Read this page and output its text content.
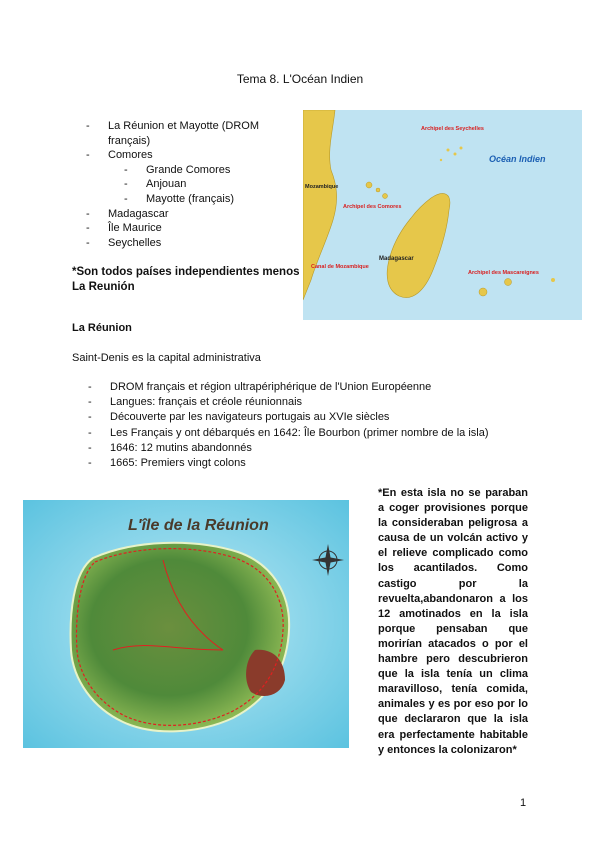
Tema 8. L'Océan Indien
- La Réunion et Mayotte (DROM français)
- Comores
- Grande Comores
- Anjouan
- Mayotte (français)
- Madagascar
- Île Maurice
- Seychelles
*Son todos países independientes menos La Reunión
Archipel des Seychelles
Océan Indien
Mozambique
Archipel des Comores
Madagascar
Canal de Mozambique
Archipel des Mascareignes
La Réunion
Saint-Denis es la capital administrativa
- DROM français et région ultrapériphérique de l'Union Européenne
- Langues: français et créole réunionnais
- Découverte par les navigateurs portugais au XVIe siècles
- Les Français y ont débarqués en 1642: Île Bourbon (primer nombre de la isla)
- 1646: 12 mutins abandonnés
- 1665: Premiers vingt colons
L'île de la Réunion
*En esta isla no se paraban a coger provisiones porque la consideraban peligrosa a causa de un volcán activo y el relieve complicado como los acantilados. Como castigo por la revuelta,abandonaron a los 12 amotinados en la isla porque pensaban que morirían atacados o por el hambre pero descubrieron que la isla tenía un clima maravilloso, tenía comida, animales y es por eso por lo que declararon que la isla era perfectamente habitable y entonces la colonizaron*
1
